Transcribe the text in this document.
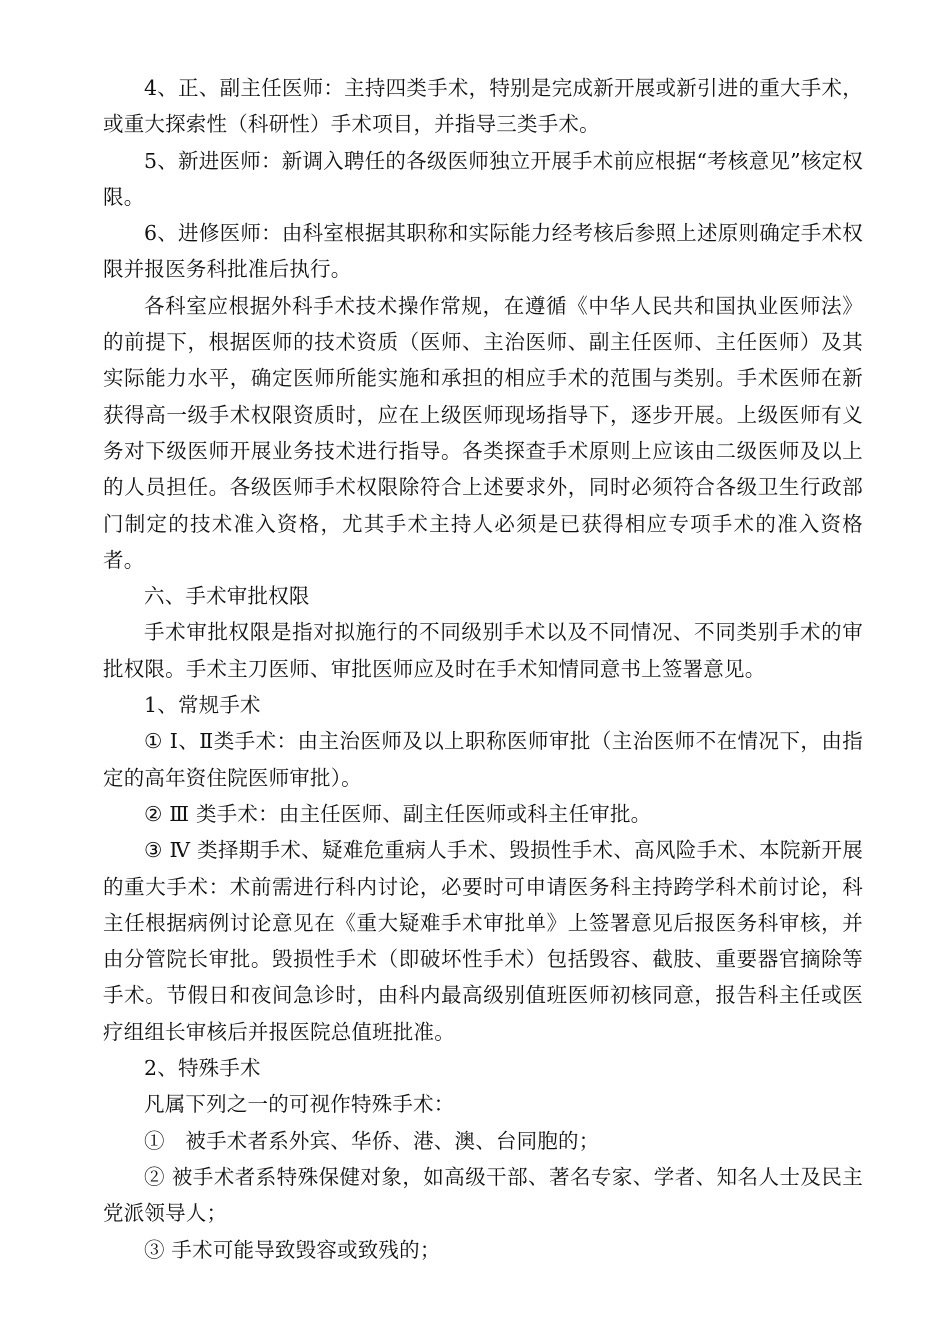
4、正、副主任医师：主持四类手术，特别是完成新开展或新引进的重大手术，或重大探索性（科研性）手术项目，并指导三类手术。

5、新进医师：新调入聘任的各级医师独立开展手术前应根据“考核意见”核定权限。

6、进修医师：由科室根据其职称和实际能力经考核后参照上述原则确定手术权限并报医务科批准后执行。

各科室应根据外科手术技术操作常规，在遵循《中华人民共和国执业医师法》的前提下，根据医师的技术资质（医师、主治医师、副主任医师、主任医师）及其实际能力水平，确定医师所能实施和承担的相应手术的范围与类别。手术医师在新获得高一级手术权限资质时，应在上级医师现场指导下，逐步开展。上级医师有义务对下级医师开展业务技术进行指导。各类探查手术原则上应该由二级医师及以上的人员担任。各级医师手术权限除符合上述要求外，同时必须符合各级卫生行政部门制定的技术准入资格，尤其手术主持人必须是已获得相应专项手术的准入资格者。

六、手术审批权限

手术审批权限是指对拟施行的不同级别手术以及不同情况、不同类别手术的审批权限。手术主刀医师、审批医师应及时在手术知情同意书上签署意见。

1、常规手术

① Ⅰ、Ⅱ类手术：由主治医师及以上职称医师审批（主治医师不在情况下，由指定的高年资住院医师审批）。

② Ⅲ 类手术：由主任医师、副主任医师或科主任审批。

③ Ⅳ 类择期手术、疑难危重病人手术、毁损性手术、高风险手术、本院新开展的重大手术：术前需进行科内讨论，必要时可申请医务科主持跨学科术前讨论，科主任根据病例讨论意见在《重大疑难手术审批单》上签署意见后报医务科审核，并由分管院长审批。毁损性手术（即破坏性手术）包括毁容、截肢、重要器官摘除等手术。节假日和夜间急诊时，由科内最高级别值班医师初核同意，报告科主任或医疗组组长审核后并报医院总值班批准。

2、特殊手术

凡属下列之一的可视作特殊手术：

①　被手术者系外宾、华侨、港、澳、台同胞的；

② 被手术者系特殊保健对象，如高级干部、著名专家、学者、知名人士及民主党派领导人；

③ 手术可能导致毁容或致残的；
